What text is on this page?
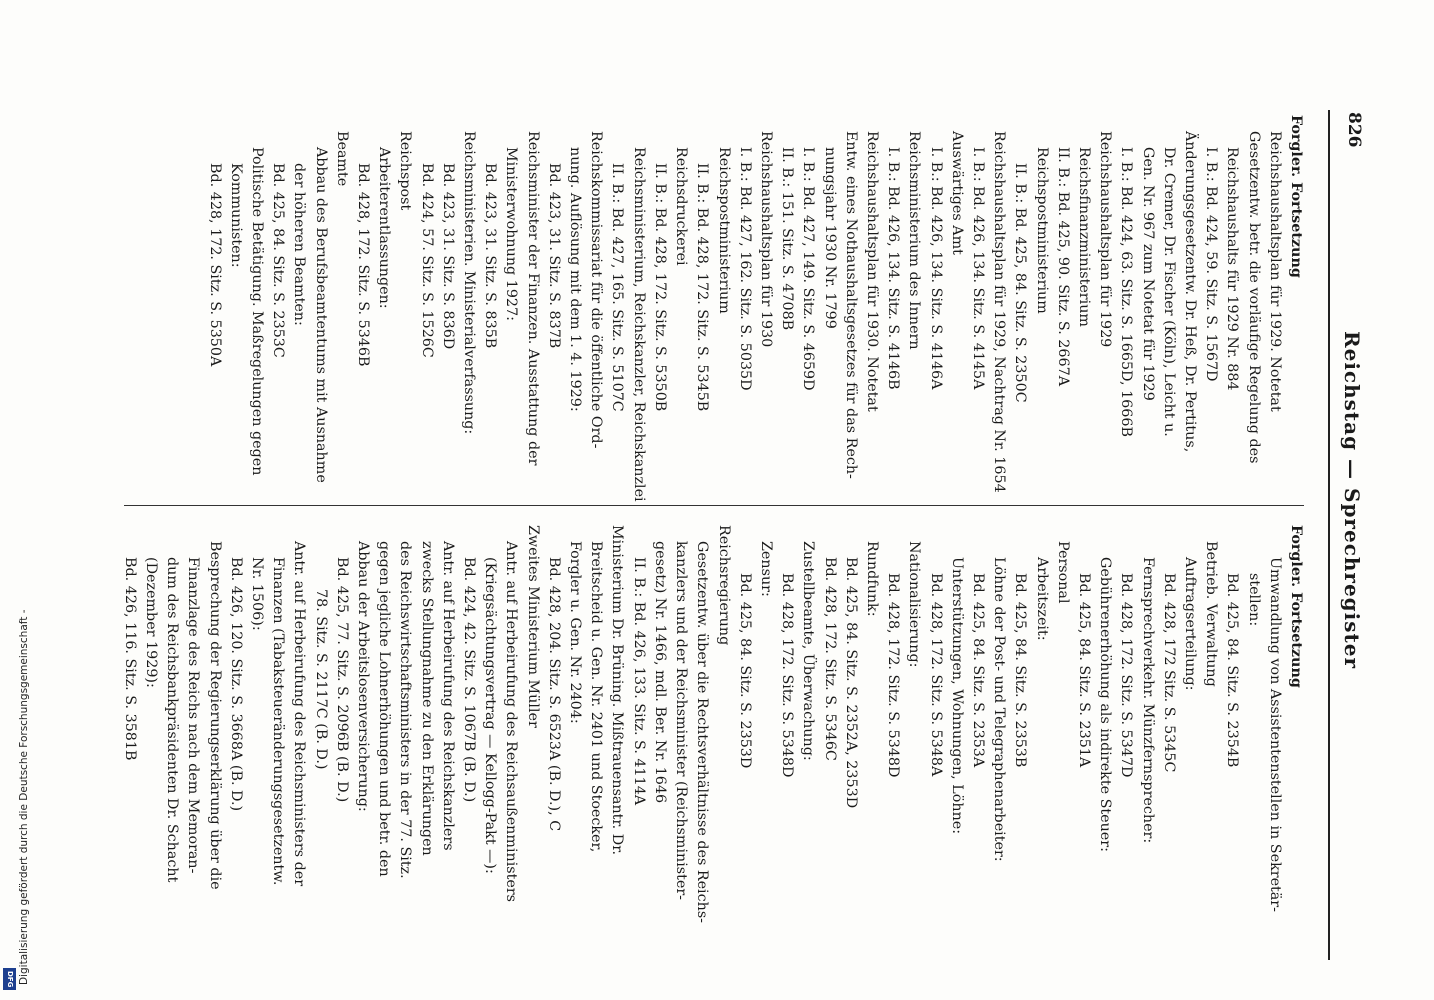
826
Reichstag — Sprechregister
Forgler. Fortsetzung
Reichshaushaltsplan für 1929. Notetat
Gesetzentw. betr. die vorläufige Regelung des
Reichshaushalts für 1929 Nr. 884
I. B.: Bd. 424, 59. Sitz. S. 1567D
Änderungsgesetzentw. Dr. Heß, Dr. Pertitus,
Dr. Cremer, Dr. Fischer (Köln), Leicht u.
Gen. Nr. 967 zum Notetat für 1929
I. B.: Bd. 424, 63. Sitz. S. 1665D, 1666B
Reichshaushaltsplan für 1929
Reichsfinanzministerium
II. B.: Bd. 425, 90. Sitz. S. 2667A
Reichspostministerium
II. B.: Bd. 425, 84. Sitz. S. 2350C
Reichshaushaltsplan für 1929, Nachtrag Nr. 1654
I. B.: Bd. 426, 134. Sitz. S. 4145A
Auswärtiges Amt
I. B.: Bd. 426, 134. Sitz. S. 4146A
Reichsministerium des Innern
I. B.: Bd. 426, 134. Sitz. S. 4146B
Reichshaushaltsplan für 1930. Notetat
Entw. eines Nothaushaltsgesetzes für das Rech-
nungsjahr 1930 Nr. 1799
I. B.: Bd. 427, 149. Sitz. S. 4659D
II. B.: 151. Sitz. S. 4708B
Reichshaushaltsplan für 1930
I. B.: Bd. 427, 162. Sitz. S. 5035D
Reichspostministerium
II. B.: Bd. 428, 172. Sitz. S. 5345B
Reichsdruckerei
II. B.: Bd. 428, 172. Sitz. S. 5350B
Reichsministerium, Reichskanzler, Reichskanzlei
II. B.: Bd. 427, 165. Sitz. S. 5107C
Reichskommissariat für die öffentliche Ord-
nung. Auflösung mit dem 1. 4. 1929:
Bd. 423, 31. Sitz. S. 837B
Reichsminister der Finanzen. Ausstattung der
Ministerwohnung 1927:
Bd. 423, 31. Sitz. S. 835B
Reichsministerien. Ministerialverfassung:
Bd. 423, 31. Sitz. S. 836D
Bd. 424, 57. Sitz. S. 1526C
Reichspost
Arbeiterentlassungen:
Bd. 428, 172. Sitz. S. 5346B
Beamte
Abbau des Berufsbeamtentums mit Ausnahme
der höheren Beamten:
Bd. 425, 84. Sitz. S. 2353C
Politische Betätigung. Maßregelungen gegen
Kommunisten:
Bd. 428, 172. Sitz. S. 5350A
Forgler. Fortsetzung
Umwandlung von Assistentenstellen in Sekretär-
stellen:
Bd. 425, 84. Sitz. S. 2354B
Betrieb. Verwaltung
Auftragserteilung:
Bd. 428, 172 Sitz. S. 5345C
Fernsprechverkehr. Münzfernsprecher:
Bd. 428, 172. Sitz. S. 5347D
Gebührenerhöhung als indirekte Steuer:
Bd. 425, 84. Sitz. S. 2351A
Personal
Arbeitszeit:
Bd. 425, 84. Sitz. S. 2353B
Löhne der Post- und Telegraphenarbeiter:
Bd. 425, 84. Sitz. S. 2353A
Unterstützungen, Wohnungen, Löhne:
Bd. 428, 172. Sitz. S. 5348A
Nationalisierung:
Bd. 428, 172. Sitz. S. 5348D
Rundfunk:
Bd. 425, 84. Sitz. S. 2352A, 2353D
Bd. 428, 172. Sitz. S. 5346C
Zustellbeamte, Überwachung:
Bd. 428, 172. Sitz. S. 5348D
Zensur:
Bd. 425, 84. Sitz. S. 2353D
Reichsregierung
Gesetzentw. über die Rechtsverhältnisse des Reichs-
kanzlers und der Reichsminister (Reichsminister-
gesetz) Nr. 1466, mdl. Ber. Nr. 1646
II. B.: Bd. 426, 133. Sitz. S. 4114A
Ministerium Dr. Brüning. Mißtrauensantr. Dr.
Breitscheid u. Gen. Nr. 2401 und Stoecker,
Forgler u. Gen. Nr. 2404:
Bd. 428, 204. Sitz. S. 6523A (B. D.), C
Zweites Ministerium Müller
Antr. auf Herbeirufung des Reichsaußenministers
(Kriegsächtungsvertrag — Kellogg-Pakt —):
Bd. 424, 42. Sitz. S. 1067B (B. D.)
Antr. auf Herbeirufung des Reichskanzlers
zwecks Stellungnahme zu den Erklärungen
des Reichswirtschaftsministers in der 77. Sitz.
gegen jegliche Lohnerhöhungen und betr. den
Abbau der Arbeitslosenversicherung:
Bd. 425, 77. Sitz. S. 2096B (B. D.)
78. Sitz. S. 2117C (B. D.)
Antr. auf Herbeirufung des Reichsministers der
Finanzen (Tabaksteueränderungsgesetzentw.
Nr. 1506):
Bd. 426, 120. Sitz. S. 3668A (B. D.)
Besprechung der Regierungserklärung über die
Finanzlage des Reichs nach dem Memoran-
dum des Reichsbankpräsidenten Dr. Schacht
(Dezember 1929):
Bd. 426, 116. Sitz. S. 3581B
Digitalisierung gefördert durch die Deutsche Forschungsgemeinschaft -
DFG
